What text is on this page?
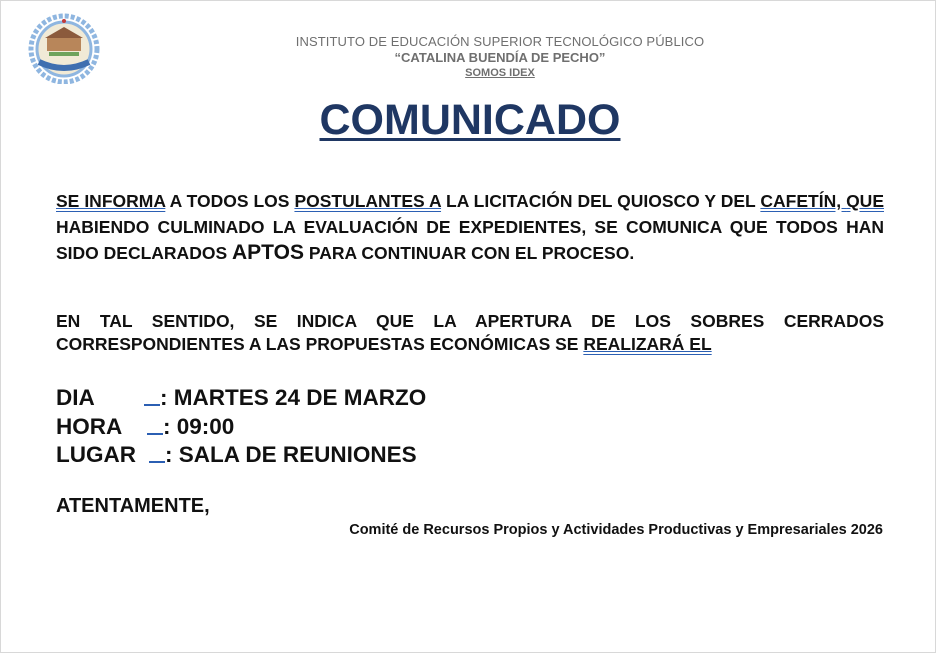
INSTITUTO DE EDUCACIÓN SUPERIOR TECNOLÓGICO PÚBLICO
“CATALINA BUENDÍA DE PECHO”
SOMOS IDEX
COMUNICADO
SE INFORMA A TODOS LOS POSTULANTES A LA LICITACIÓN DEL QUIOSCO Y DEL CAFETÍN, QUE HABIENDO CULMINADO LA EVALUACIÓN DE EXPEDIENTES, SE COMUNICA QUE TODOS HAN SIDO DECLARADOS APTOS PARA CONTINUAR CON EL PROCESO.
EN TAL SENTIDO, SE INDICA QUE LA APERTURA DE LOS SOBRES CERRADOS CORRESPONDIENTES A LAS PROPUESTAS ECONÓMICAS SE REALIZARÁ EL
DIA	: MARTES 24 DE MARZO
HORA	: 09:00
LUGAR	: SALA DE REUNIONES
ATENTAMENTE,
Comité de Recursos Propios y Actividades Productivas y Empresariales 2026
